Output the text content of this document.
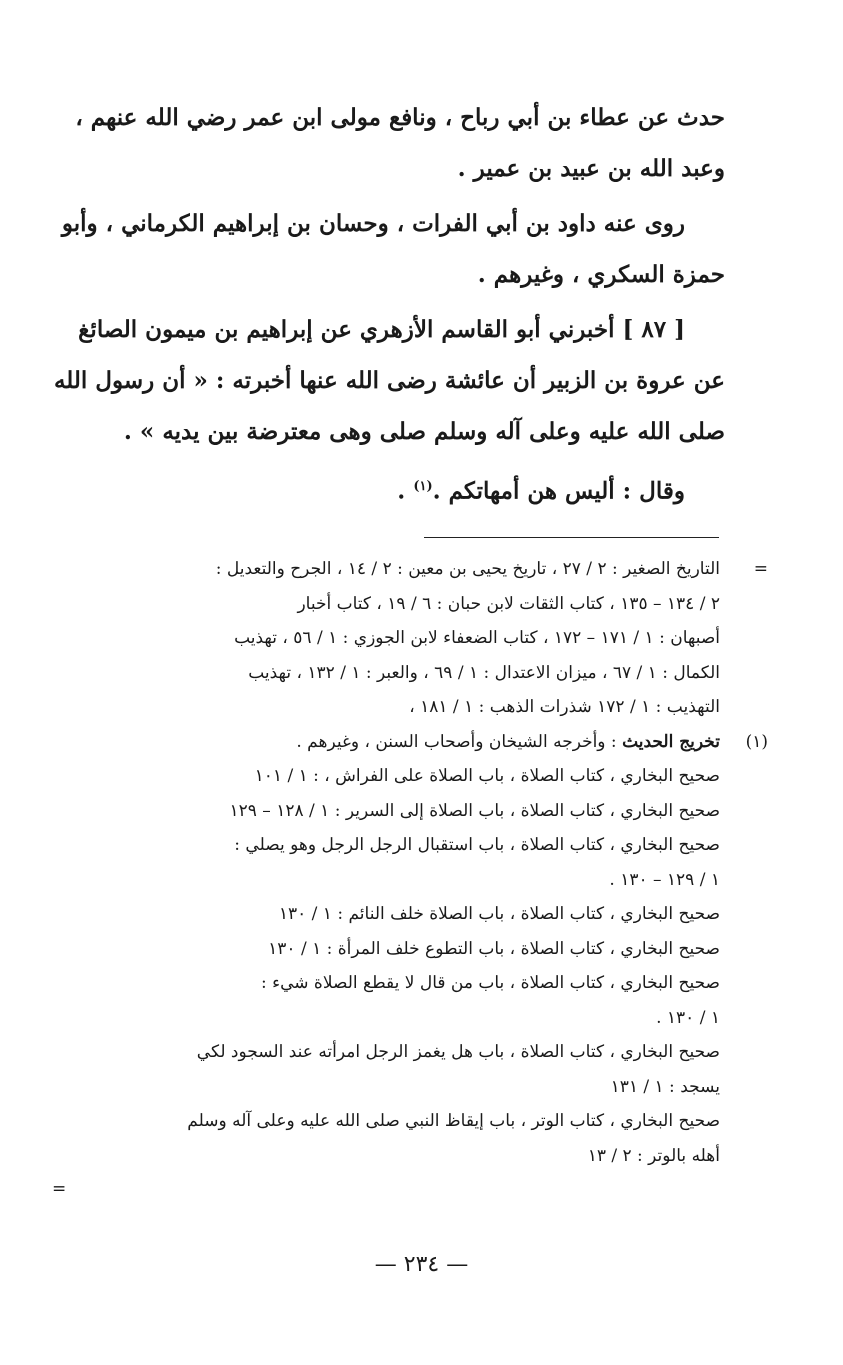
حدث عن عطاء بن أبي رباح ، ونافع مولى ابن عمر رضي الله عنهم ،
وعبد الله بن عبيد بن عمير .
روى عنه داود بن أبي الفرات ، وحسان بن إبراهيم الكرماني ، وأبو
حمزة السكري ، وغيرهم .
[ ٨٧ ] أخبرني أبو القاسم الأزهري عن إبراهيم بن ميمون الصائغ
عن عروة بن الزبير أن عائشة رضى الله عنها أخبرته : « أن رسول الله
صلى الله عليه وعلى آله وسلم صلى وهى معترضة بين يديه » .
وقال : أليس هن أمهاتكم .$^{(١)}$ .
=
التاريخ الصغير : ٢ / ٢٧ ، تاريخ يحيى بن معين : ٢ / ١٤ ، الجرح والتعديل :
٢ / ١٣٤ – ١٣٥ ، كتاب الثقات لابن حبان : ٦ / ١٩ ، كتاب أخبار
أصبهان : ١ / ١٧١ – ١٧٢ ، كتاب الضعفاء لابن الجوزي : ١ / ٥٦ ، تهذيب
الكمال : ١ / ٦٧ ، ميزان الاعتدال : ١ / ٦٩ ، والعبر : ١ / ١٣٢ ، تهذيب
التهذيب : ١ / ١٧٢ شذرات الذهب : ١ / ١٨١ ،
(١)
تخريج الحديث : وأخرجه الشيخان وأصحاب السنن ، وغيرهم .
صحيح البخاري ، كتاب الصلاة ، باب الصلاة على الفراش ، : ١ / ١٠١
صحيح البخاري ، كتاب الصلاة ، باب الصلاة إلى السرير : ١ / ١٢٨ – ١٢٩
صحيح البخاري ، كتاب الصلاة ، باب استقبال الرجل الرجل وهو يصلي :
١ / ١٢٩ – ١٣٠ .
صحيح البخاري ، كتاب الصلاة ، باب الصلاة خلف النائم : ١ / ١٣٠
صحيح البخاري ، كتاب الصلاة ، باب التطوع خلف المرأة : ١ / ١٣٠
صحيح البخاري ، كتاب الصلاة ، باب من قال لا يقطع الصلاة شيء :
١ / ١٣٠ .
صحيح البخاري ، كتاب الصلاة ، باب هل يغمز الرجل امرأته عند السجود لكي
يسجد : ١ / ١٣١
صحيح البخاري ، كتاب الوتر ، باب إيقاظ النبي صلى الله عليه وعلى آله وسلم
أهله بالوتر : ٢ / ١٣
=
— ٢٣٤ —
